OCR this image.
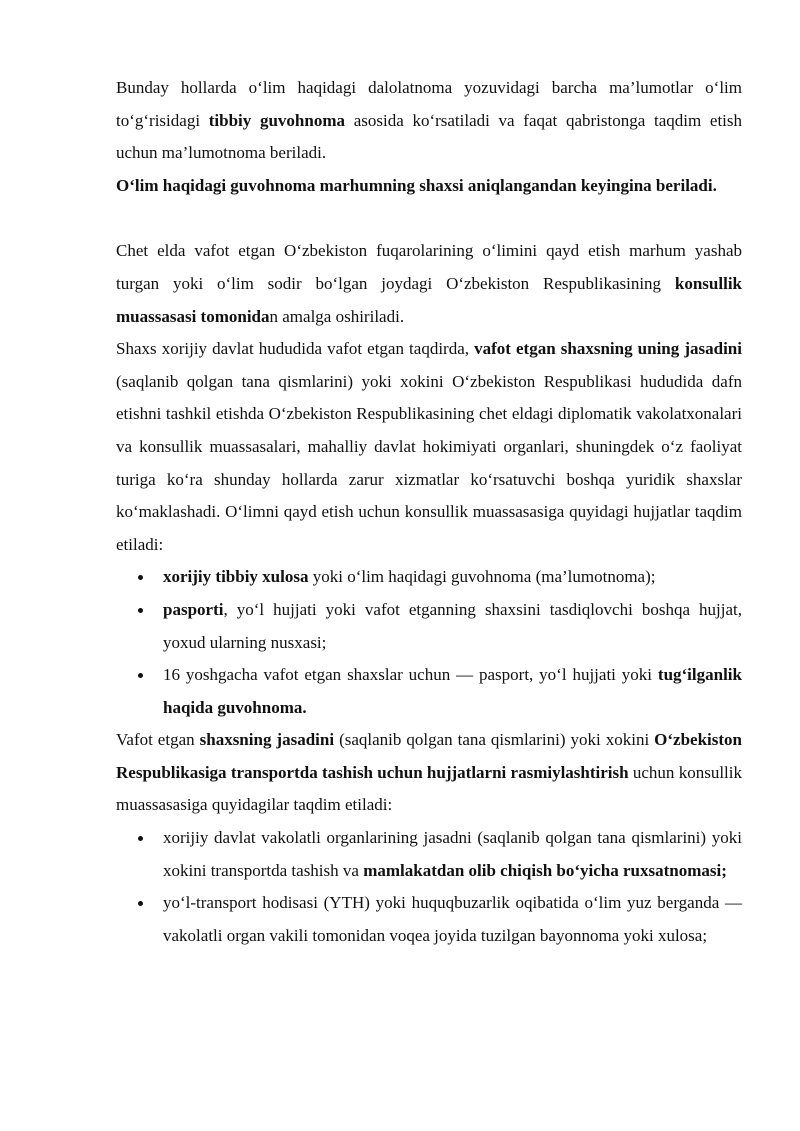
Bunday hollarda o‘lim haqidagi dalolatnoma yozuvidagi barcha ma’lumotlar o‘lim to‘g‘risidagi tibbiy guvohnoma asosida ko‘rsatiladi va faqat qabristonga taqdim etish uchun ma’lumotnoma beriladi.

O‘lim haqidagi guvohnoma marhumning shaxsi aniqlangandan keyingina beriladi.

Chet elda vafot etgan O‘zbekiston fuqarolarining o‘limini qayd etish marhum yashab turgan yoki o‘lim sodir bo‘lgan joydagi O‘zbekiston Respublikasining konsullik muassasasi tomonidan amalga oshiriladi.

Shaxs xorijiy davlat hududida vafot etgan taqdirda, vafot etgan shaxsning uning jasadini (saqlanib qolgan tana qismlarini) yoki xokini O‘zbekiston Respublikasi hududida dafn etishni tashkil etishda O‘zbekiston Respublikasining chet eldagi diplomatik vakolatxonalari va konsullik muassasalari, mahalliy davlat hokimiyati organlari, shuningdek o‘z faoliyat turiga ko‘ra shunday hollarda zarur xizmatlar ko‘rsatuvchi boshqa yuridik shaxslar ko‘maklashadi. O‘limni qayd etish uchun konsullik muassasasiga quyidagi hujjatlar taqdim etiladi:

xorijiy tibbiy xulosa yoki o‘lim haqidagi guvohnoma (ma’lumotnoma);
pasporti, yo‘l hujjati yoki vafot etganning shaxsini tasdiqlovchi boshqa hujjat, yoxud ularning nusxasi;
16 yoshgacha vafot etgan shaxslar uchun — pasport, yo‘l hujjati yoki tug‘ilganlik haqida guvohnoma.

Vafot etgan shaxsning jasadini (saqlanib qolgan tana qismlarini) yoki xokini O‘zbekiston Respublikasiga transportda tashish uchun hujjatlarni rasmiylashtirish uchun konsullik muassasasiga quyidagilar taqdim etiladi:

xorijiy davlat vakolatli organlarining jasadni (saqlanib qolgan tana qismlarini) yoki xokini transportda tashish va mamlakatdan olib chiqish bo‘yicha ruxsatnomasi;
yo‘l-transport hodisasi (YTH) yoki huquqbuzarlik oqibatida o‘lim yuz berganda — vakolatli organ vakili tomonidan voqea joyida tuzilgan bayonnoma yoki xulosa;
